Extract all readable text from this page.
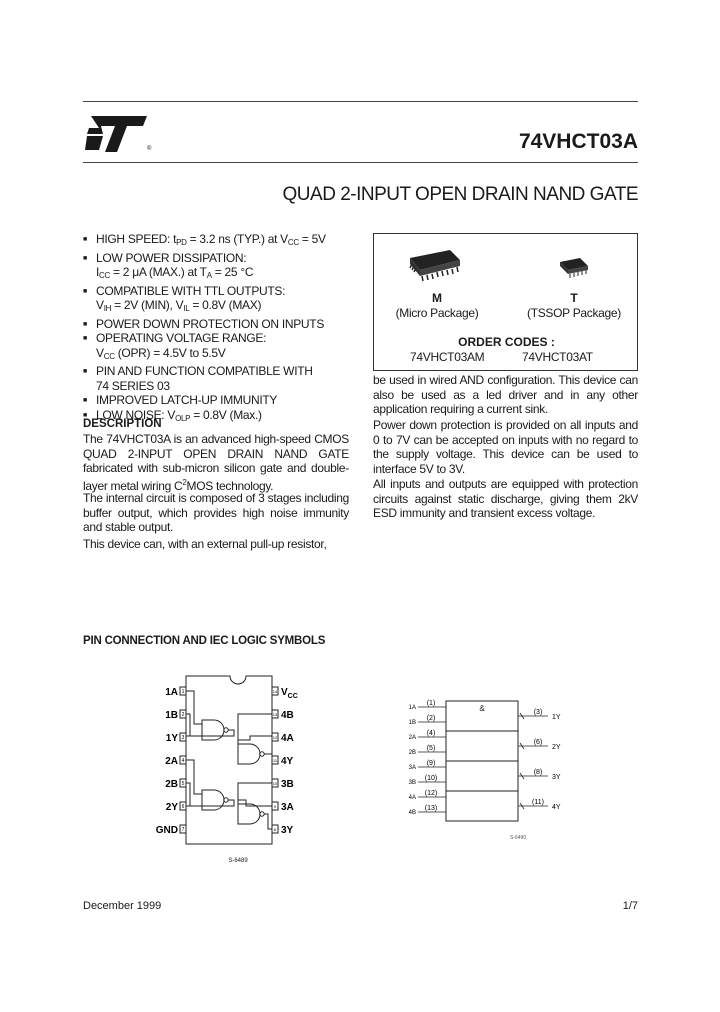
®	74VHCT03A
QUAD 2-INPUT OPEN DRAIN NAND GATE
■ HIGH SPEED: $t_{PD} = 3.2$ ns (TYP.) at $V_{CC} = 5V$
■ LOW POWER DISSIPATION:
$I_{CC} = 2$ μA (MAX.) at $T_A = 25$ °C
■ COMPATIBLE WITH TTL OUTPUTS:
$V_{IH} = 2V$ (MIN), $V_{IL} = 0.8V$ (MAX)
■ POWER DOWN PROTECTION ON INPUTS
■ OPERATING VOLTAGE RANGE:
$V_{CC}$ (OPR) = 4.5V to 5.5V
■ PIN AND FUNCTION COMPATIBLE WITH
74 SERIES 03
■ IMPROVED LATCH-UP IMMUNITY
■ LOW NOISE: $V_{OLP} = 0.8V$ (Max.)
DESCRIPTION
The 74VHCT03A is an advanced high-speed CMOS QUAD 2-INPUT OPEN DRAIN NAND GATE fabricated with sub-micron silicon gate and double-layer metal wiring $C^2MOS$ technology.
The internal circuit is composed of 3 stages including buffer output, which provides high noise immunity and stable output.
This device can, with an external pull-up resistor,
M
(Micro Package)
T
(TSSOP Package)
ORDER CODES :
74VHCT03AM	74VHCT03AT
be used in wired AND configuration. This device can also be used as a led driver and in any other application requiring a current sink.
Power down protection is provided on all inputs and 0 to 7V can be accepted on inputs with no regard to the supply voltage. This device can be used to interface 5V to 3V.
All inputs and outputs are equipped with protection circuits against static discharge, giving them 2kV ESD immunity and transient excess voltage.
PIN CONNECTION AND IEC LOGIC SYMBOLS
1
1A
2
1B
3
1Y
4
2A
5
2B
6
2Y
7
GND
14 $V_{CC}$
13 4B
12 4A
11 4Y
10 3B
9 3A
8 3Y
S-6489
&
1A
(1)
1B
(2)
2A
(4)
2B
(5)
3A
(9)
3B
(10)
4A
(12)
4B
(13)
(3)
1Y
(6)
2Y
(8)
3Y
(11)
4Y
S-6490
December 1999	1/7
